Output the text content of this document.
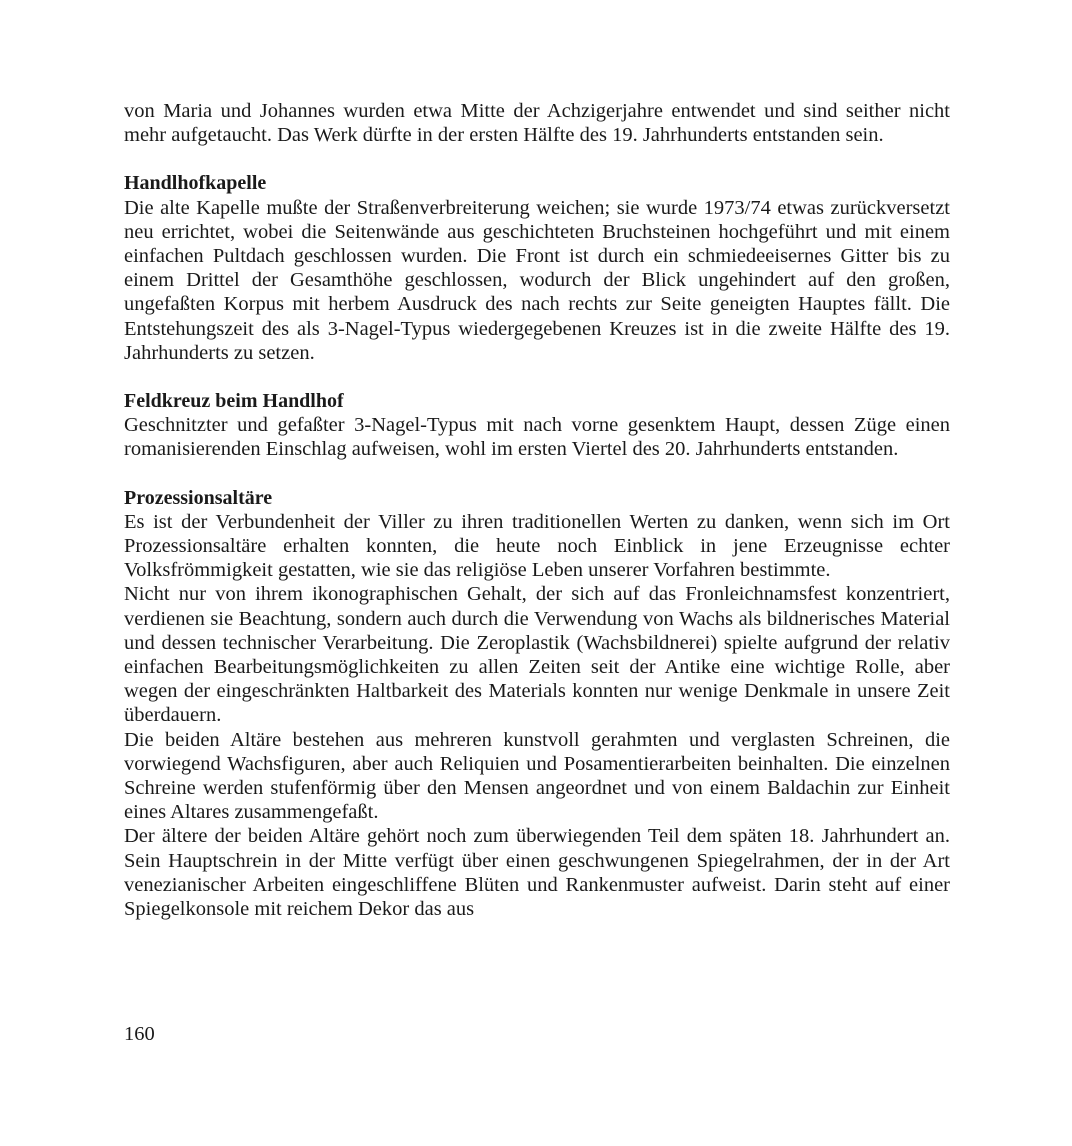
von Maria und Johannes wurden etwa Mitte der Achzigerjahre entwendet und sind seither nicht mehr aufgetaucht. Das Werk dürfte in der ersten Hälfte des 19. Jahrhunderts entstanden sein.

Handlhofkapelle

Die alte Kapelle mußte der Straßenverbreiterung weichen; sie wurde 1973/74 etwas zurückversetzt neu errichtet, wobei die Seitenwände aus geschichteten Bruchsteinen hochgeführt und mit einem einfachen Pultdach geschlossen wurden. Die Front ist durch ein schmiedeeisernes Gitter bis zu einem Drittel der Gesamthöhe geschlossen, wodurch der Blick ungehindert auf den großen, ungefaßten Korpus mit herbem Ausdruck des nach rechts zur Seite geneigten Hauptes fällt. Die Entstehungszeit des als 3-Nagel-Typus wiedergegebenen Kreuzes ist in die zweite Hälfte des 19. Jahrhunderts zu setzen.

Feldkreuz beim Handlhof

Geschnitzter und gefaßter 3-Nagel-Typus mit nach vorne gesenktem Haupt, dessen Züge einen romanisierenden Einschlag aufweisen, wohl im ersten Viertel des 20. Jahrhunderts entstanden.

Prozessionsaltäre

Es ist der Verbundenheit der Viller zu ihren traditionellen Werten zu danken, wenn sich im Ort Prozessionsaltäre erhalten konnten, die heute noch Einblick in jene Erzeugnisse echter Volksfrömmigkeit gestatten, wie sie das religiöse Leben unserer Vorfahren bestimmte.

Nicht nur von ihrem ikonographischen Gehalt, der sich auf das Fronleichnamsfest konzentriert, verdienen sie Beachtung, sondern auch durch die Verwendung von Wachs als bildnerisches Material und dessen technischer Verarbeitung. Die Zeroplastik (Wachsbildnerei) spielte aufgrund der relativ einfachen Bearbeitungsmöglichkeiten zu allen Zeiten seit der Antike eine wichtige Rolle, aber wegen der eingeschränkten Haltbarkeit des Materials konnten nur wenige Denkmale in unsere Zeit überdauern.

Die beiden Altäre bestehen aus mehreren kunstvoll gerahmten und verglasten Schreinen, die vorwiegend Wachsfiguren, aber auch Reliquien und Posamentierarbeiten beinhalten. Die einzelnen Schreine werden stufenförmig über den Mensen angeordnet und von einem Baldachin zur Einheit eines Altares zusammengefaßt.

Der ältere der beiden Altäre gehört noch zum überwiegenden Teil dem späten 18. Jahrhundert an. Sein Hauptschrein in der Mitte verfügt über einen geschwungenen Spiegelrahmen, der in der Art venezianischer Arbeiten eingeschliffene Blüten und Rankenmuster aufweist. Darin steht auf einer Spiegelkonsole mit reichem Dekor das aus

160
